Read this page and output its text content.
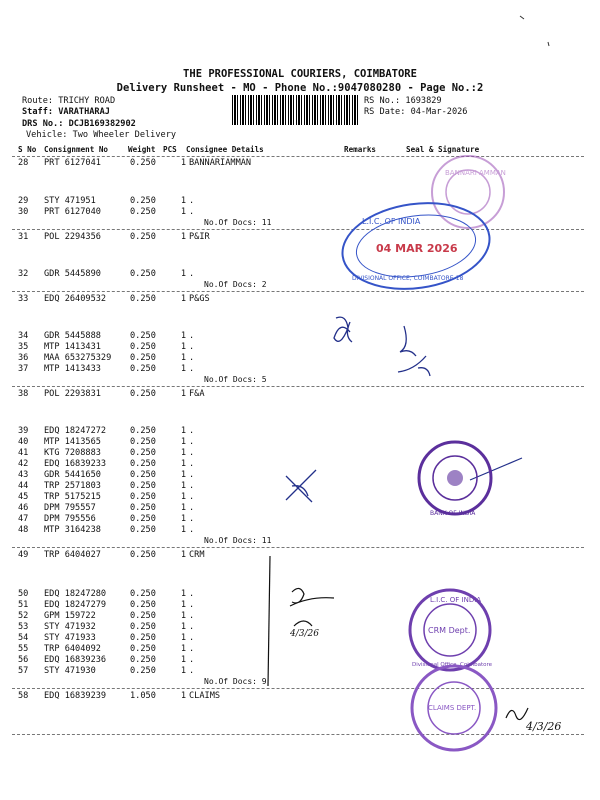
THE PROFESSIONAL COURIERS, COIMBATORE
Delivery Runsheet - MO - Phone No.:9047080280 - Page No.:2
Route: TRICHY ROAD
Staff: VARATHARAJ
DRS No.: DCJB169382902
Vehicle: Two Wheeler Delivery
RS No.: 1693829
RS Date: 04-Mar-2026
S No Consignment No	Weight PCS Consignee Details	Remarks	Seal & Signature
28	PRT 6127041	0.250	1 BANNARIAMMAN
29	STY 471951	0.250	1 .
30	PRT 6127040	0.250	1 .
No.Of Docs: 11
31	POL 2294356	0.250	1 P&IR
32	GDR 5445890	0.250	1 .
No.Of Docs: 2
33	EDQ 26409532	0.250	1 P&GS
34	GDR 5445888	0.250	1 .
35	MTP 1413431	0.250	1 .
36	MAA 653275329 0.250	1 .
37	MTP 1413433	0.250	1 .
No.Of Docs: 5
38	POL 2293831	0.250	1 F&A
39	EDQ 18247272	0.250	1 .
40	MTP 1413565	0.250	1 .
41	KTG 7208883	0.250	1 .
42	EDQ 16839233	0.250	1 .
43	GDR 5441650	0.250	1 .
44	TRP 2571803	0.250	1 .
45	TRP 5175215	0.250	1 .
46	DPM 795557	0.250	1 .
47	DPM 795556	0.250	1 .
48	MTP 3164238	0.250	1 .
No.Of Docs: 11
49	TRP 6404027	0.250	1 CRM
50	EDQ 18247280	0.250	1 .
51	EDQ 18247279	0.250	1 .
52	GPM 159722	0.250	1 .
53	STY 471932	0.250	1 .
54	STY 471933	0.250	1 .
55	TRP 6404092	0.250	1 .
56	EDQ 16839236	0.250	1 .
57	STY 471930	0.250	1 .
No.Of Docs: 9
58	EDQ 16839239	1.050	1 CLAIMS
BANNARI AMMAN
L.I.C. OF INDIA
04 MAR 2026
DIVISIONAL OFFICE, COIMBATORE-18
BANK OF INDIA
4/3/26
L.I.C. OF INDIA
CRM Dept.
Divisional Office, Coimbatore
CLAIMS DEPT.
4/3/26
